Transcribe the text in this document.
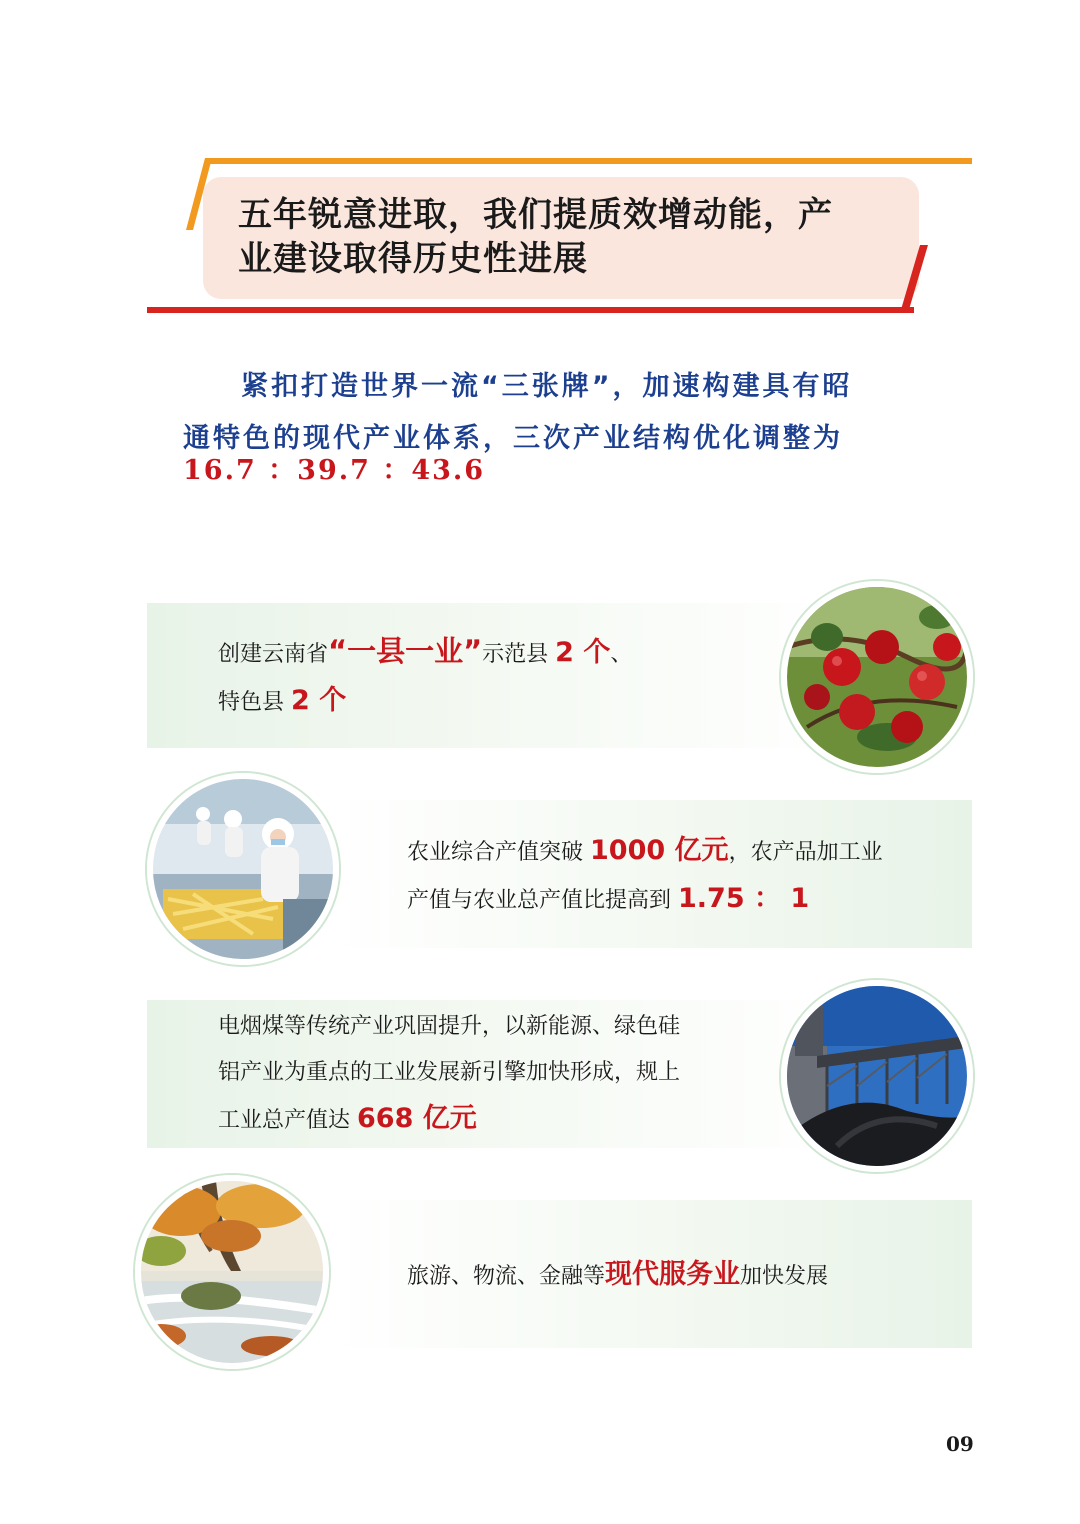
五年锐意进取，我们提质效增动能，产
业建设取得历史性进展
紧扣打造世界一流“三张牌”，加速构建具有昭
通特色的现代产业体系，三次产业结构优化调整为
16.7 ：39.7 ：43.6
创建云南省“一县一业”示范县 2 个、
特色县 2 个
农业综合产值突破 1000 亿元，农产品加工业
产值与农业总产值比提高到 1.75 ： 1
电烟煤等传统产业巩固提升，以新能源、绿色硅
铝产业为重点的工业发展新引擎加快形成，规上
工业总产值达 668 亿元
旅游、物流、金融等现代服务业加快发展
09
